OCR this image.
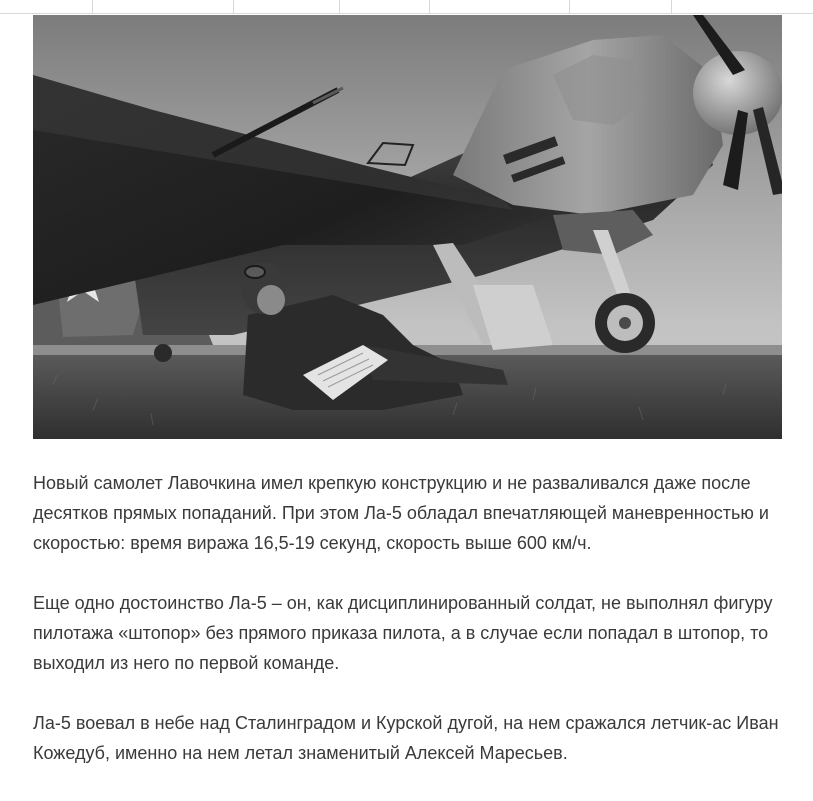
Новый самолет Лавочкина имел крепкую конструкцию и не разваливался даже после десятков прямых попаданий. При этом Ла-5 обладал впечатляющей маневренностью и скоростью: время виража 16,5-19 секунд, скорость выше 600 км/ч.

Еще одно достоинство Ла-5 – он, как дисциплинированный солдат, не выполнял фигуру пилотажа «штопор» без прямого приказа пилота, а в случае если попадал в штопор, то выходил из него по первой команде.

Ла-5 воевал в небе над Сталинградом и Курской дугой, на нем сражался летчик-ас Иван Кожедуб, именно на нем летал знаменитый Алексей Маресьев.
